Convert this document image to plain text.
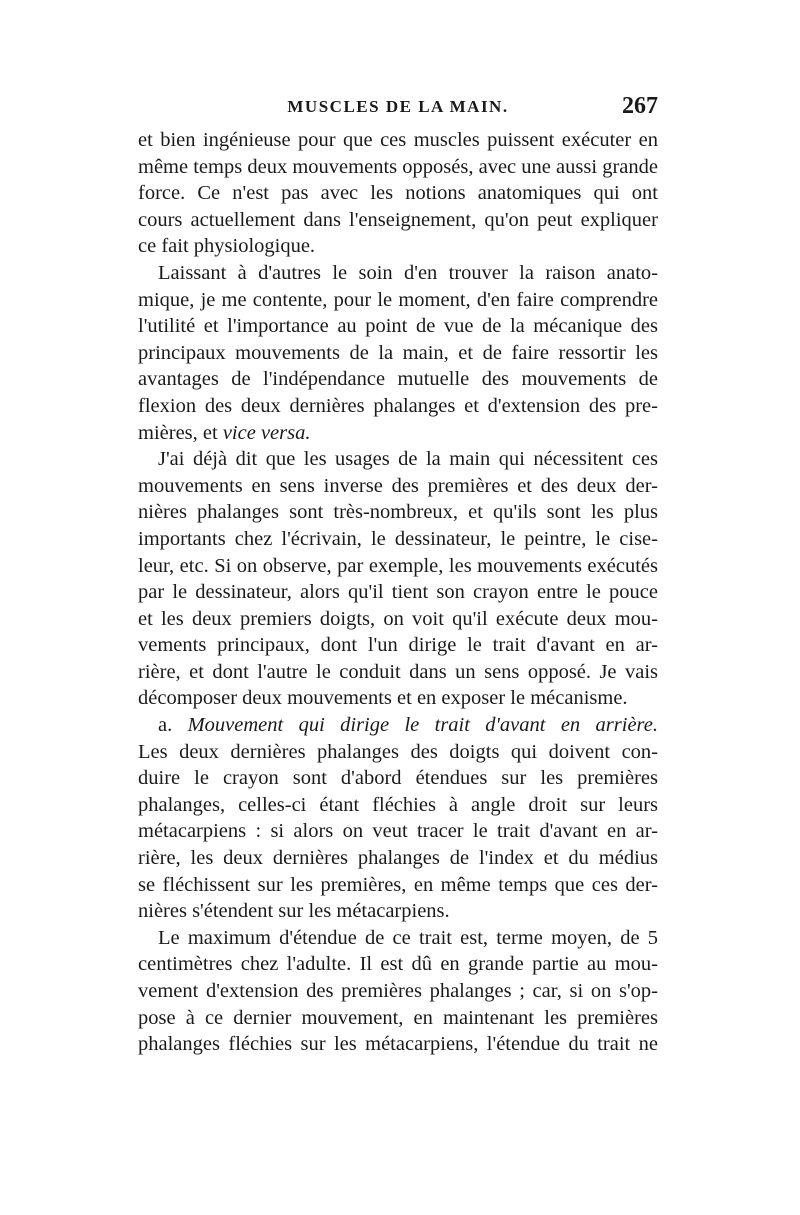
MUSCLES DE LA MAIN.	267
et bien ingénieuse pour que ces muscles puissent exécuter en
même temps deux mouvements opposés, avec une aussi grande
force. Ce n'est pas avec les notions anatomiques qui ont
cours actuellement dans l'enseignement, qu'on peut expliquer
ce fait physiologique.
Laissant à d'autres le soin d'en trouver la raison anato-
mique, je me contente, pour le moment, d'en faire comprendre
l'utilité et l'importance au point de vue de la mécanique des
principaux mouvements de la main, et de faire ressortir les
avantages de l'indépendance mutuelle des mouvements de
flexion des deux dernières phalanges et d'extension des pre-
mières, et vice versa.
J'ai déjà dit que les usages de la main qui nécessitent ces
mouvements en sens inverse des premières et des deux der-
nières phalanges sont très-nombreux, et qu'ils sont les plus
importants chez l'écrivain, le dessinateur, le peintre, le cise-
leur, etc. Si on observe, par exemple, les mouvements exécutés
par le dessinateur, alors qu'il tient son crayon entre le pouce
et les deux premiers doigts, on voit qu'il exécute deux mou-
vements principaux, dont l'un dirige le trait d'avant en ar-
rière, et dont l'autre le conduit dans un sens opposé. Je vais
décomposer deux mouvements et en exposer le mécanisme.
a. Mouvement qui dirige le trait d'avant en arrière.
Les deux dernières phalanges des doigts qui doivent con-
duire le crayon sont d'abord étendues sur les premières
phalanges, celles-ci étant fléchies à angle droit sur leurs
métacarpiens : si alors on veut tracer le trait d'avant en ar-
rière, les deux dernières phalanges de l'index et du médius
se fléchissent sur les premières, en même temps que ces der-
nières s'étendent sur les métacarpiens.
Le maximum d'étendue de ce trait est, terme moyen, de 5
centimètres chez l'adulte. Il est dû en grande partie au mou-
vement d'extension des premières phalanges ; car, si on s'op-
pose à ce dernier mouvement, en maintenant les premières
phalanges fléchies sur les métacarpiens, l'étendue du trait ne
